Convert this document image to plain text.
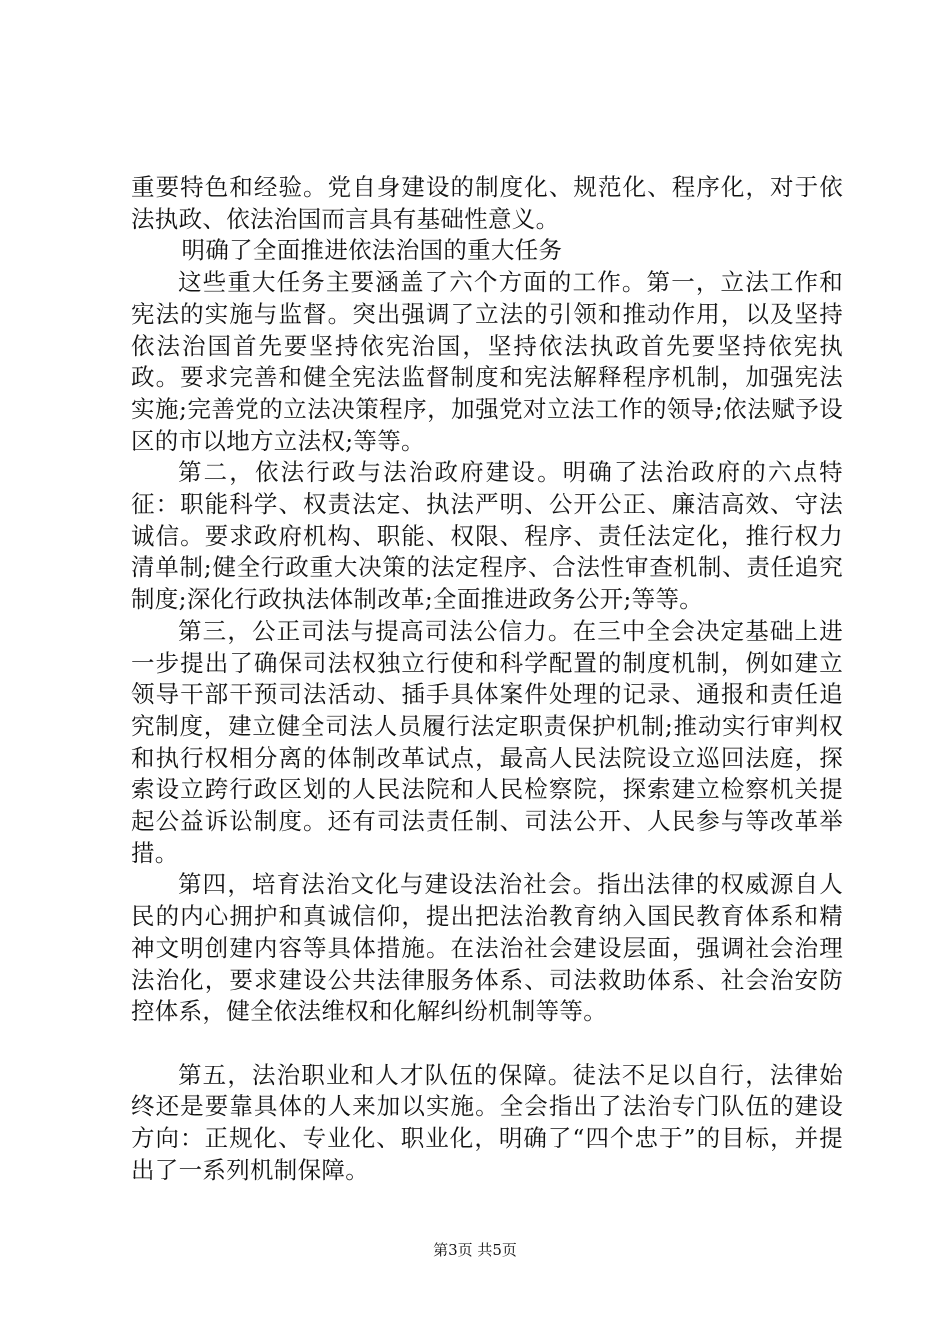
重要特色和经验。党自身建设的制度化、规范化、程序化，对于依法执政、依法治国而言具有基础性意义。

明确了全面推进依法治国的重大任务

这些重大任务主要涵盖了六个方面的工作。第一，立法工作和宪法的实施与监督。突出强调了立法的引领和推动作用，以及坚持依法治国首先要坚持依宪治国，坚持依法执政首先要坚持依宪执政。要求完善和健全宪法监督制度和宪法解释程序机制，加强宪法实施;完善党的立法决策程序，加强党对立法工作的领导;依法赋予设区的市以地方立法权;等等。

第二，依法行政与法治政府建设。明确了法治政府的六点特征：职能科学、权责法定、执法严明、公开公正、廉洁高效、守法诚信。要求政府机构、职能、权限、程序、责任法定化，推行权力清单制;健全行政重大决策的法定程序、合法性审查机制、责任追究制度;深化行政执法体制改革;全面推进政务公开;等等。

第三，公正司法与提高司法公信力。在三中全会决定基础上进一步提出了确保司法权独立行使和科学配置的制度机制，例如建立领导干部干预司法活动、插手具体案件处理的记录、通报和责任追究制度，建立健全司法人员履行法定职责保护机制;推动实行审判权和执行权相分离的体制改革试点，最高人民法院设立巡回法庭，探索设立跨行政区划的人民法院和人民检察院，探索建立检察机关提起公益诉讼制度。还有司法责任制、司法公开、人民参与等改革举措。

第四，培育法治文化与建设法治社会。指出法律的权威源自人民的内心拥护和真诚信仰，提出把法治教育纳入国民教育体系和精神文明创建内容等具体措施。在法治社会建设层面，强调社会治理法治化，要求建设公共法律服务体系、司法救助体系、社会治安防控体系，健全依法维权和化解纠纷机制等等。

第五，法治职业和人才队伍的保障。徒法不足以自行，法律始终还是要靠具体的人来加以实施。全会指出了法治专门队伍的建设方向：正规化、专业化、职业化，明确了“四个忠于”的目标，并提出了一系列机制保障。

第3页 共5页
